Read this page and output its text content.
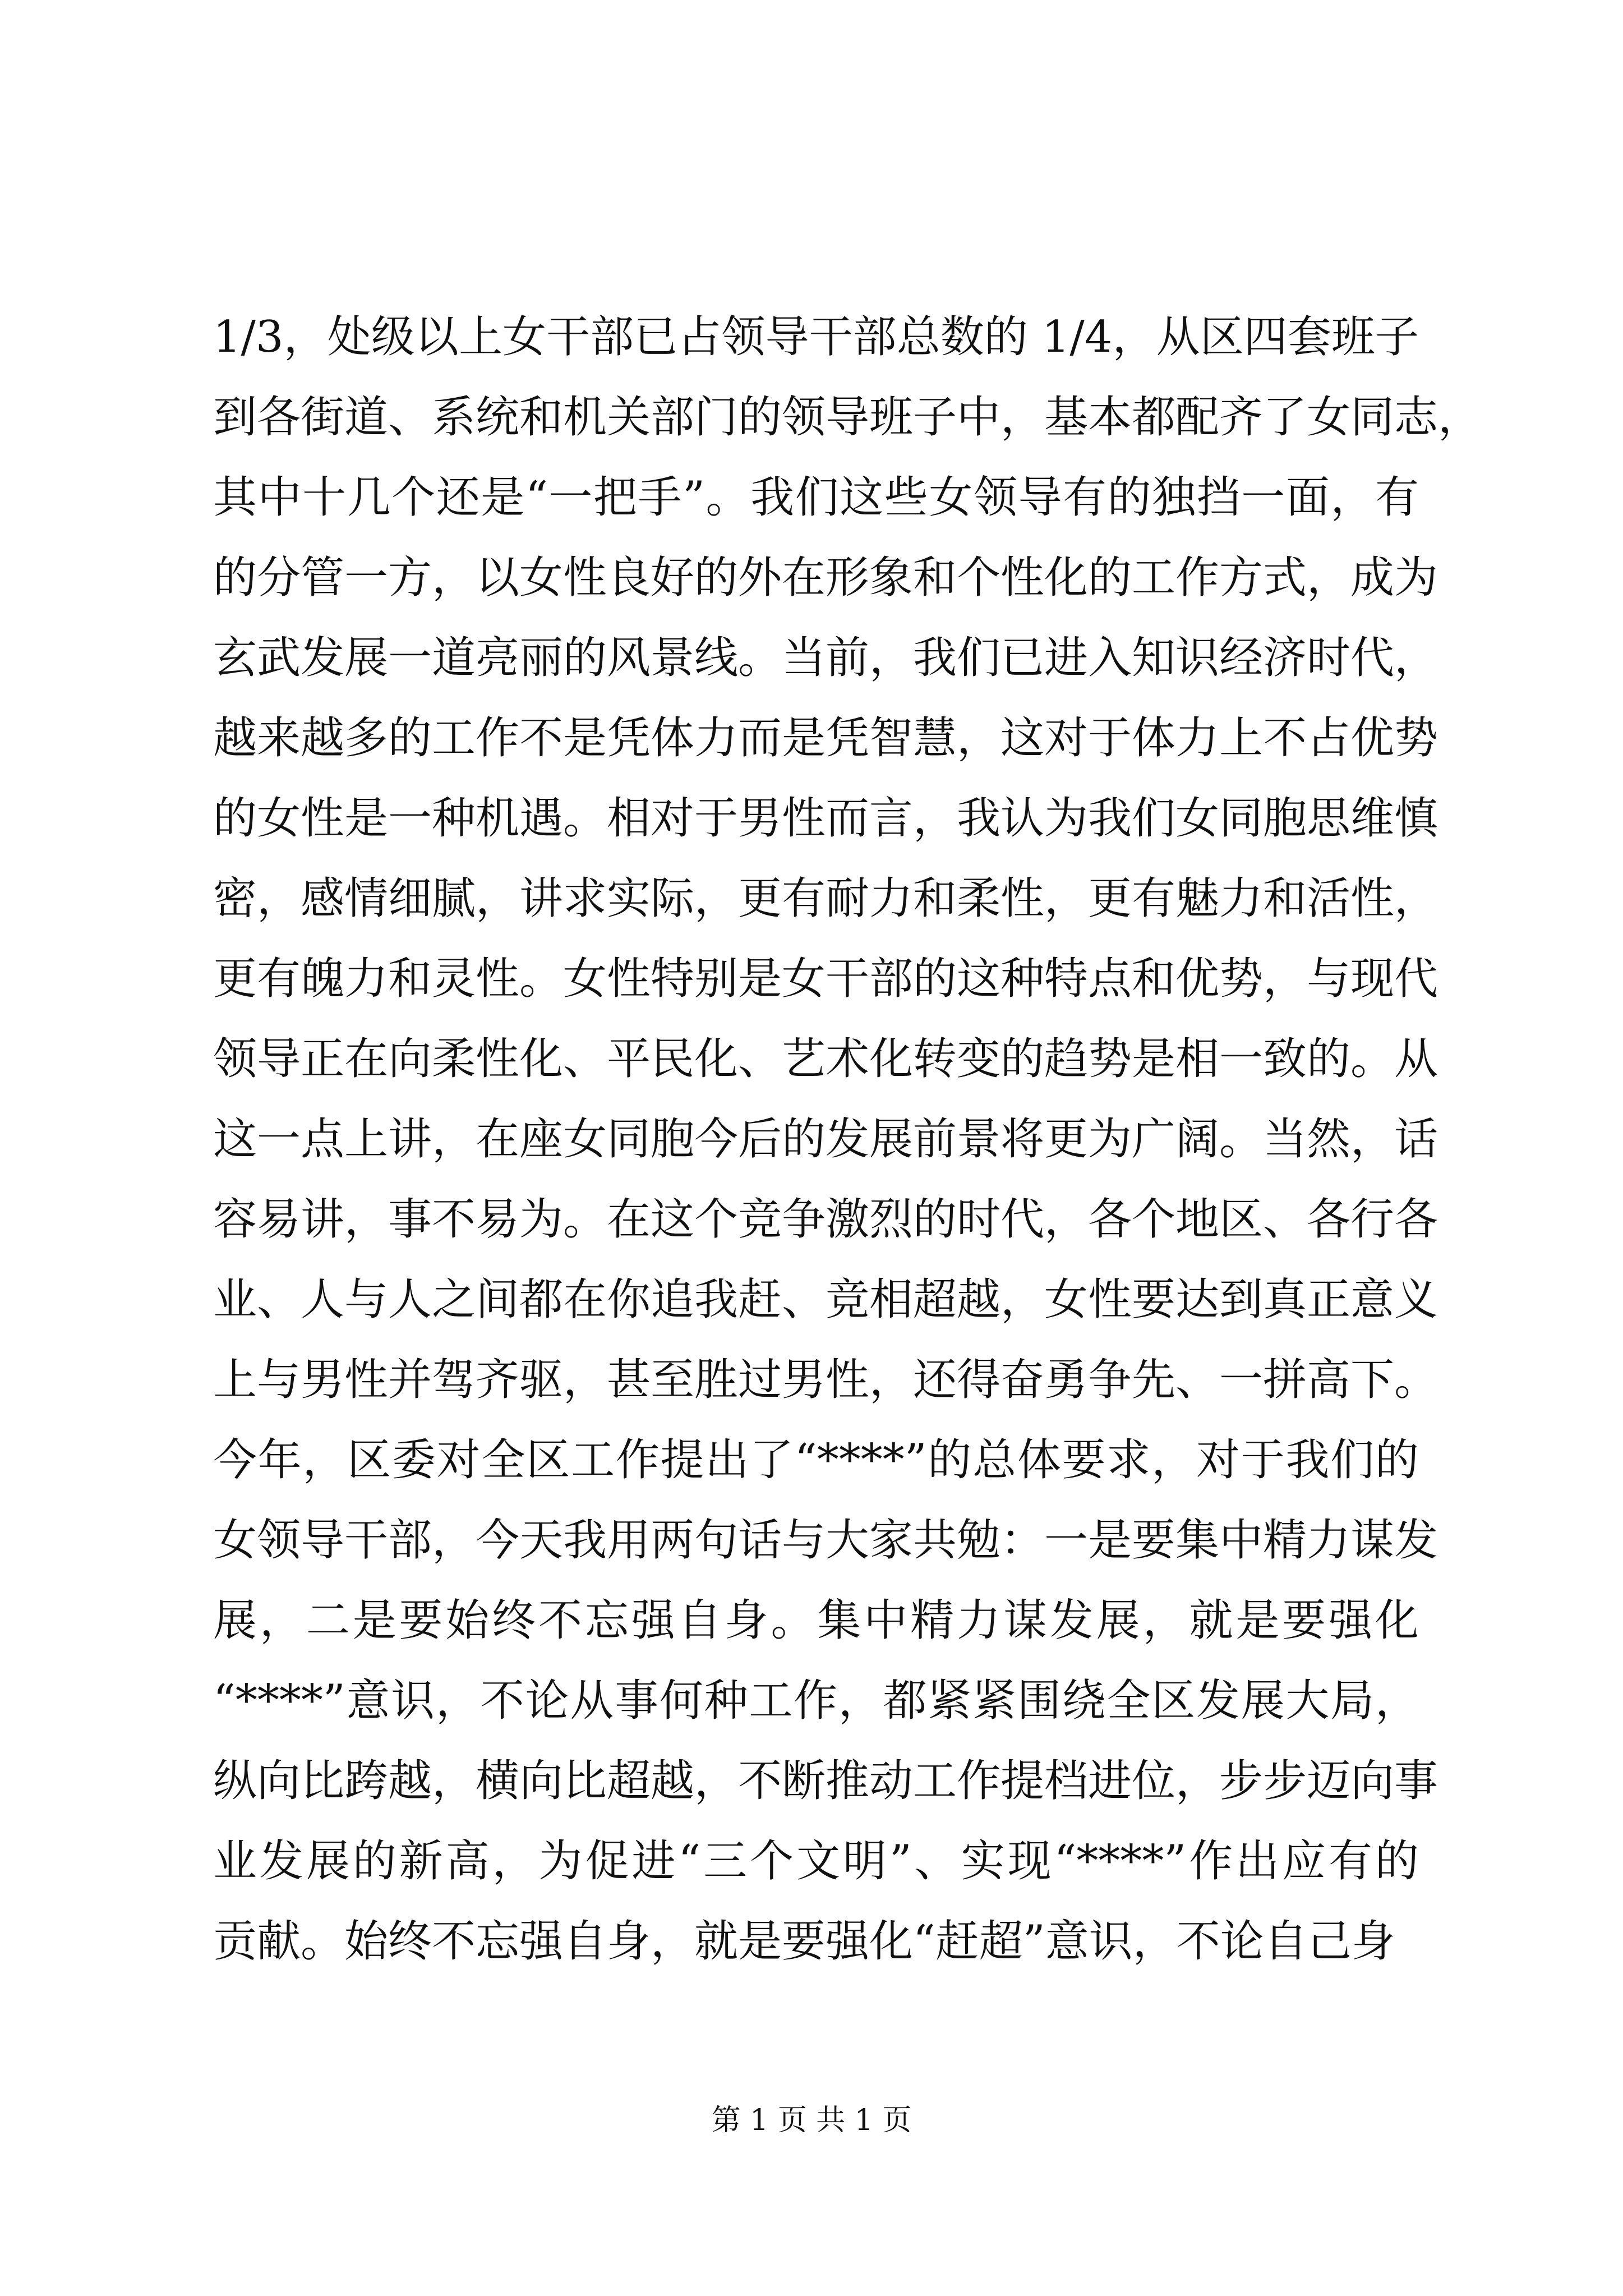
1/3，处级以上女干部已占领导干部总数的 1/4，从区四套班子
到各街道、系统和机关部门的领导班子中，基本都配齐了女同志，
其中十几个还是“一把手”。我们这些女领导有的独挡一面，有
的分管一方，以女性良好的外在形象和个性化的工作方式，成为
玄武发展一道亮丽的风景线。当前，我们已进入知识经济时代，
越来越多的工作不是凭体力而是凭智慧，这对于体力上不占优势
的女性是一种机遇。相对于男性而言，我认为我们女同胞思维慎
密，感情细腻，讲求实际，更有耐力和柔性，更有魅力和活性，
更有魄力和灵性。女性特别是女干部的这种特点和优势，与现代
领导正在向柔性化、平民化、艺术化转变的趋势是相一致的。从
这一点上讲，在座女同胞今后的发展前景将更为广阔。当然，话
容易讲，事不易为。在这个竞争激烈的时代，各个地区、各行各
业、人与人之间都在你追我赶、竞相超越，女性要达到真正意义
上与男性并驾齐驱，甚至胜过男性，还得奋勇争先、一拼高下。
今年，区委对全区工作提出了“****”的总体要求，对于我们的
女领导干部，今天我用两句话与大家共勉：一是要集中精力谋发
展，二是要始终不忘强自身。集中精力谋发展，就是要强化
“****”意识，不论从事何种工作，都紧紧围绕全区发展大局，
纵向比跨越，横向比超越，不断推动工作提档进位，步步迈向事
业发展的新高，为促进“三个文明”、实现“****”作出应有的
贡献。始终不忘强自身，就是要强化“赶超”意识，不论自己身
第 1 页 共 1 页
